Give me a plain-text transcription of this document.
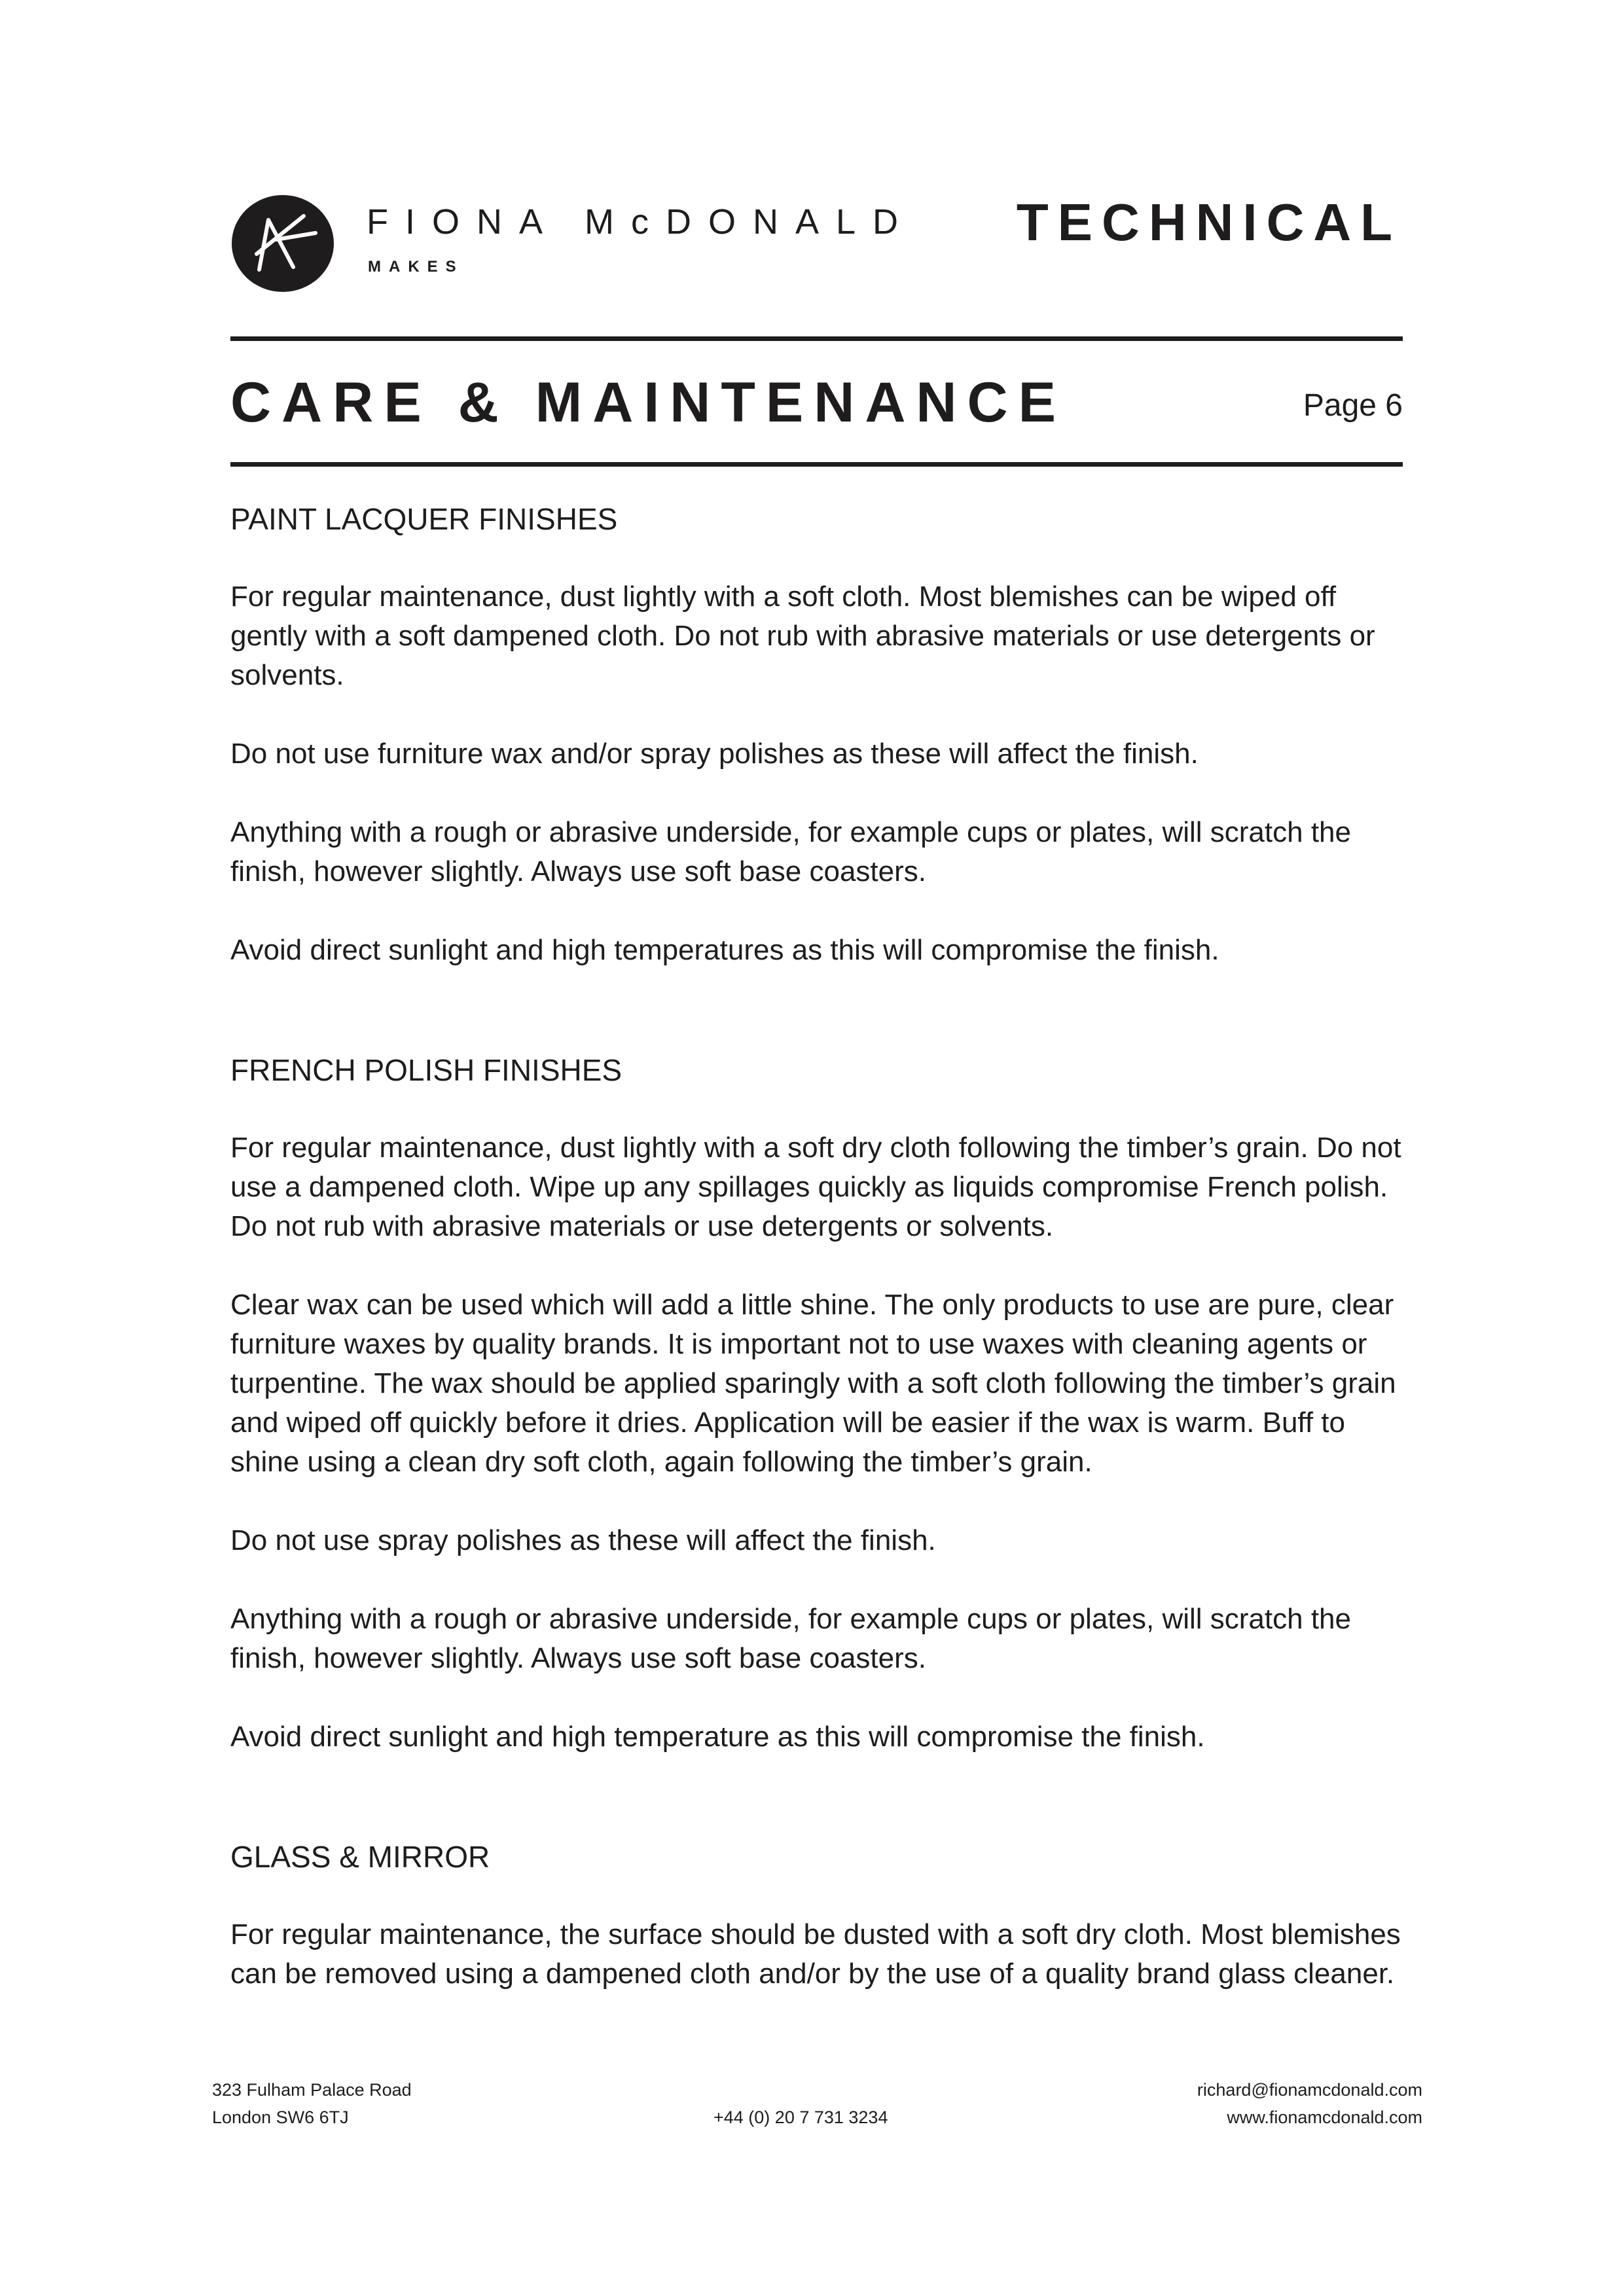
FIONA McDONALD
MAKES
TECHNICAL
CARE & MAINTENANCE	Page 6
PAINT LACQUER FINISHES

For regular maintenance, dust lightly with a soft cloth. Most blemishes can be wiped off gently with a soft dampened cloth. Do not rub with abrasive materials or use detergents or solvents.

Do not use furniture wax and/or spray polishes as these will affect the finish.

Anything with a rough or abrasive underside, for example cups or plates, will scratch the finish, however slightly. Always use soft base coasters.

Avoid direct sunlight and high temperatures as this will compromise the finish.

FRENCH POLISH FINISHES

For regular maintenance, dust lightly with a soft dry cloth following the timber’s grain. Do not use a dampened cloth. Wipe up any spillages quickly as liquids compromise French polish. Do not rub with abrasive materials or use detergents or solvents.

Clear wax can be used which will add a little shine. The only products to use are pure, clear furniture waxes by quality brands. It is important not to use waxes with cleaning agents or turpentine. The wax should be applied sparingly with a soft cloth following the timber’s grain and wiped off quickly before it dries. Application will be easier if the wax is warm. Buff to shine using a clean dry soft cloth, again following the timber’s grain.

Do not use spray polishes as these will affect the finish.

Anything with a rough or abrasive underside, for example cups or plates, will scratch the finish, however slightly. Always use soft base coasters.

Avoid direct sunlight and high temperature as this will compromise the finish.

GLASS & MIRROR

For regular maintenance, the surface should be dusted with a soft dry cloth. Most blemishes can be removed using a dampened cloth and/or by the use of a quality brand glass cleaner.

323 Fulham Palace Road
London SW6 6TJ	+44 (0) 20 7 731 3234
richard@fionamcdonald.com
www.fionamcdonald.com
